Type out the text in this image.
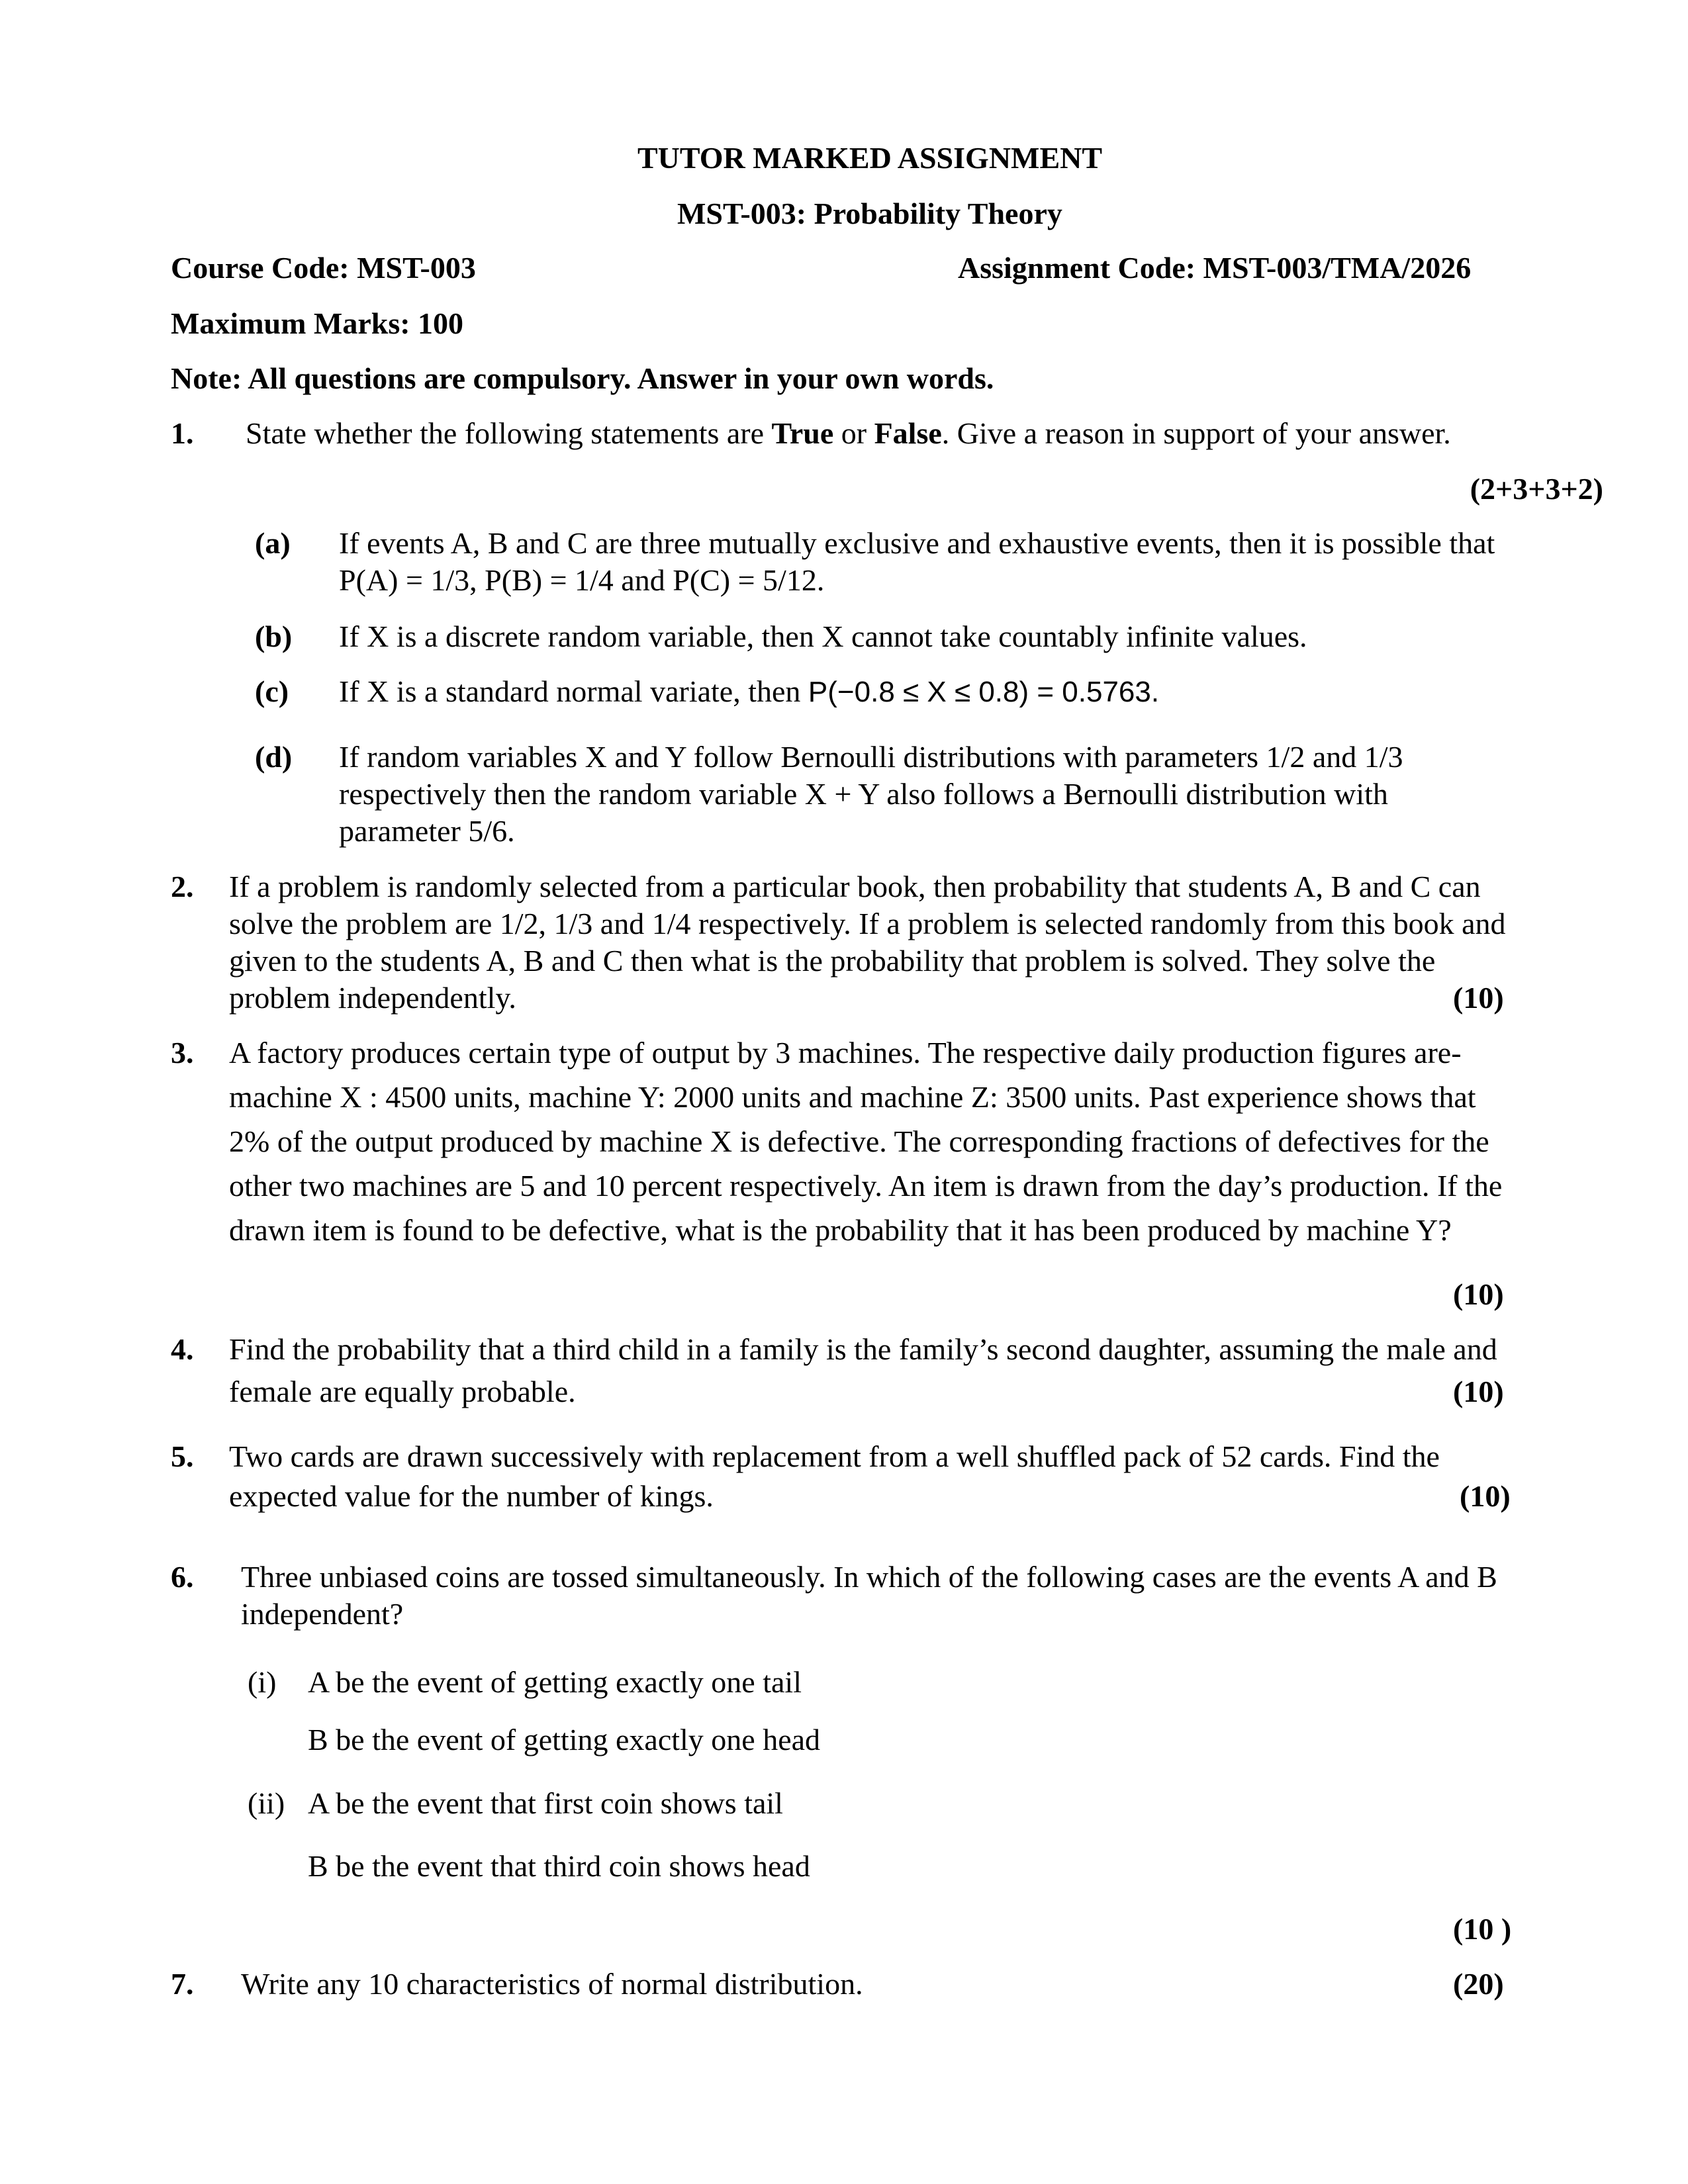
TUTOR MARKED ASSIGNMENT
MST-003: Probability Theory
Course Code: MST-003	Assignment Code: MST-003/TMA/2026
Maximum Marks: 100
Note: All questions are compulsory. Answer in your own words.
1. State whether the following statements are True or False. Give a reason in support of your answer.
(2+3+3+2)
(a) If events A, B and C are three mutually exclusive and exhaustive events, then it is possible that
P(A) = 1/3, P(B) = 1/4 and P(C) = 5/12.
(b) If X is a discrete random variable, then X cannot take countably infinite values.
(c) If X is a standard normal variate, then P(−0.8 ≤ X ≤ 0.8) = 0.5763.
(d) If random variables X and Y follow Bernoulli distributions with parameters 1/2 and 1/3
respectively then the random variable X + Y also follows a Bernoulli distribution with
parameter 5/6.
2. If a problem is randomly selected from a particular book, then probability that students A, B and C can
solve the problem are 1/2, 1/3 and 1/4 respectively. If a problem is selected randomly from this book and
given to the students A, B and C then what is the probability that problem is solved. They solve the
problem independently.	(10)
3. A factory produces certain type of output by 3 machines. The respective daily production figures are-
machine X : 4500 units, machine Y: 2000 units and machine Z: 3500 units. Past experience shows that
2% of the output produced by machine X is defective. The corresponding fractions of defectives for the
other two machines are 5 and 10 percent respectively. An item is drawn from the day’s production. If the
drawn item is found to be defective, what is the probability that it has been produced by machine Y?
(10)
4. Find the probability that a third child in a family is the family’s second daughter, assuming the male and
female are equally probable.	(10)
5. Two cards are drawn successively with replacement from a well shuffled pack of 52 cards. Find the
expected value for the number of kings.	(10)
6. Three unbiased coins are tossed simultaneously. In which of the following cases are the events A and B
independent?
(i) A be the event of getting exactly one tail
B be the event of getting exactly one head
(ii) A be the event that first coin shows tail
B be the event that third coin shows head
(10 )
7. Write any 10 characteristics of normal distribution.	(20)
